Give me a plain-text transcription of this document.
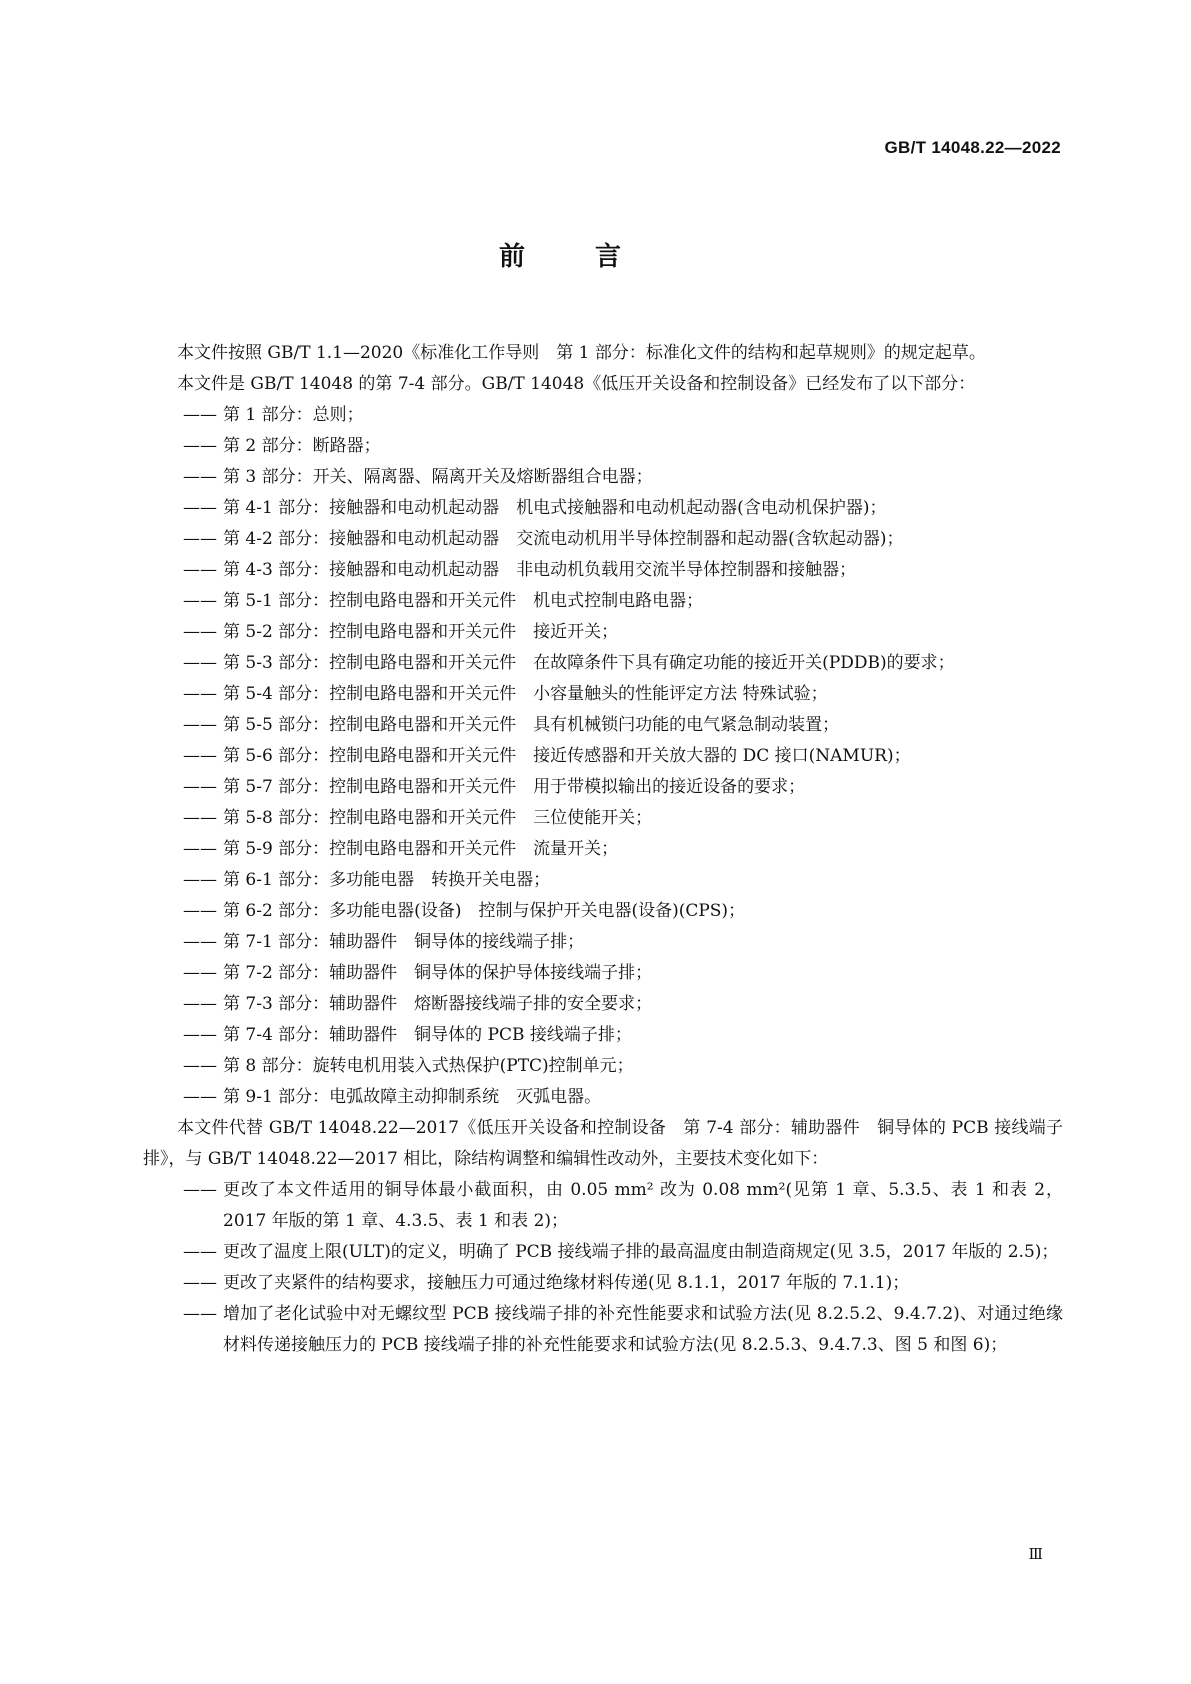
GB/T 14048.22—2022
前言
本文件按照 GB/T 1.1—2020《标准化工作导则　第 1 部分：标准化文件的结构和起草规则》的规定起草。
本文件是 GB/T 14048 的第 7-4 部分。GB/T 14048《低压开关设备和控制设备》已经发布了以下部分：
—— 第 1 部分：总则；
—— 第 2 部分：断路器；
—— 第 3 部分：开关、隔离器、隔离开关及熔断器组合电器；
—— 第 4-1 部分：接触器和电动机起动器　机电式接触器和电动机起动器(含电动机保护器)；
—— 第 4-2 部分：接触器和电动机起动器　交流电动机用半导体控制器和起动器(含软起动器)；
—— 第 4-3 部分：接触器和电动机起动器　非电动机负载用交流半导体控制器和接触器；
—— 第 5-1 部分：控制电路电器和开关元件　机电式控制电路电器；
—— 第 5-2 部分：控制电路电器和开关元件　接近开关；
—— 第 5-3 部分：控制电路电器和开关元件　在故障条件下具有确定功能的接近开关(PDDB)的要求；
—— 第 5-4 部分：控制电路电器和开关元件　小容量触头的性能评定方法 特殊试验；
—— 第 5-5 部分：控制电路电器和开关元件　具有机械锁闩功能的电气紧急制动装置；
—— 第 5-6 部分：控制电路电器和开关元件　接近传感器和开关放大器的 DC 接口(NAMUR)；
—— 第 5-7 部分：控制电路电器和开关元件　用于带模拟输出的接近设备的要求；
—— 第 5-8 部分：控制电路电器和开关元件　三位使能开关；
—— 第 5-9 部分：控制电路电器和开关元件　流量开关；
—— 第 6-1 部分：多功能电器　转换开关电器；
—— 第 6-2 部分：多功能电器(设备)　控制与保护开关电器(设备)(CPS)；
—— 第 7-1 部分：辅助器件　铜导体的接线端子排；
—— 第 7-2 部分：辅助器件　铜导体的保护导体接线端子排；
—— 第 7-3 部分：辅助器件　熔断器接线端子排的安全要求；
—— 第 7-4 部分：辅助器件　铜导体的 PCB 接线端子排；
—— 第 8 部分：旋转电机用装入式热保护(PTC)控制单元；
—— 第 9-1 部分：电弧故障主动抑制系统　灭弧电器。
本文件代替 GB/T 14048.22—2017《低压开关设备和控制设备　第 7-4 部分：辅助器件　铜导体的 PCB 接线端子排》，与 GB/T 14048.22—2017 相比，除结构调整和编辑性改动外，主要技术变化如下：
—— 更改了本文件适用的铜导体最小截面积，由 0.05 mm² 改为 0.08 mm²(见第 1 章、5.3.5、表 1 和表 2，2017 年版的第 1 章、4.3.5、表 1 和表 2)；
—— 更改了温度上限(ULT)的定义，明确了 PCB 接线端子排的最高温度由制造商规定(见 3.5，2017 年版的 2.5)；
—— 更改了夹紧件的结构要求，接触压力可通过绝缘材料传递(见 8.1.1，2017 年版的 7.1.1)；
—— 增加了老化试验中对无螺纹型 PCB 接线端子排的补充性能要求和试验方法(见 8.2.5.2、9.4.7.2)、对通过绝缘材料传递接触压力的 PCB 接线端子排的补充性能要求和试验方法(见 8.2.5.3、9.4.7.3、图 5 和图 6)；
Ⅲ
